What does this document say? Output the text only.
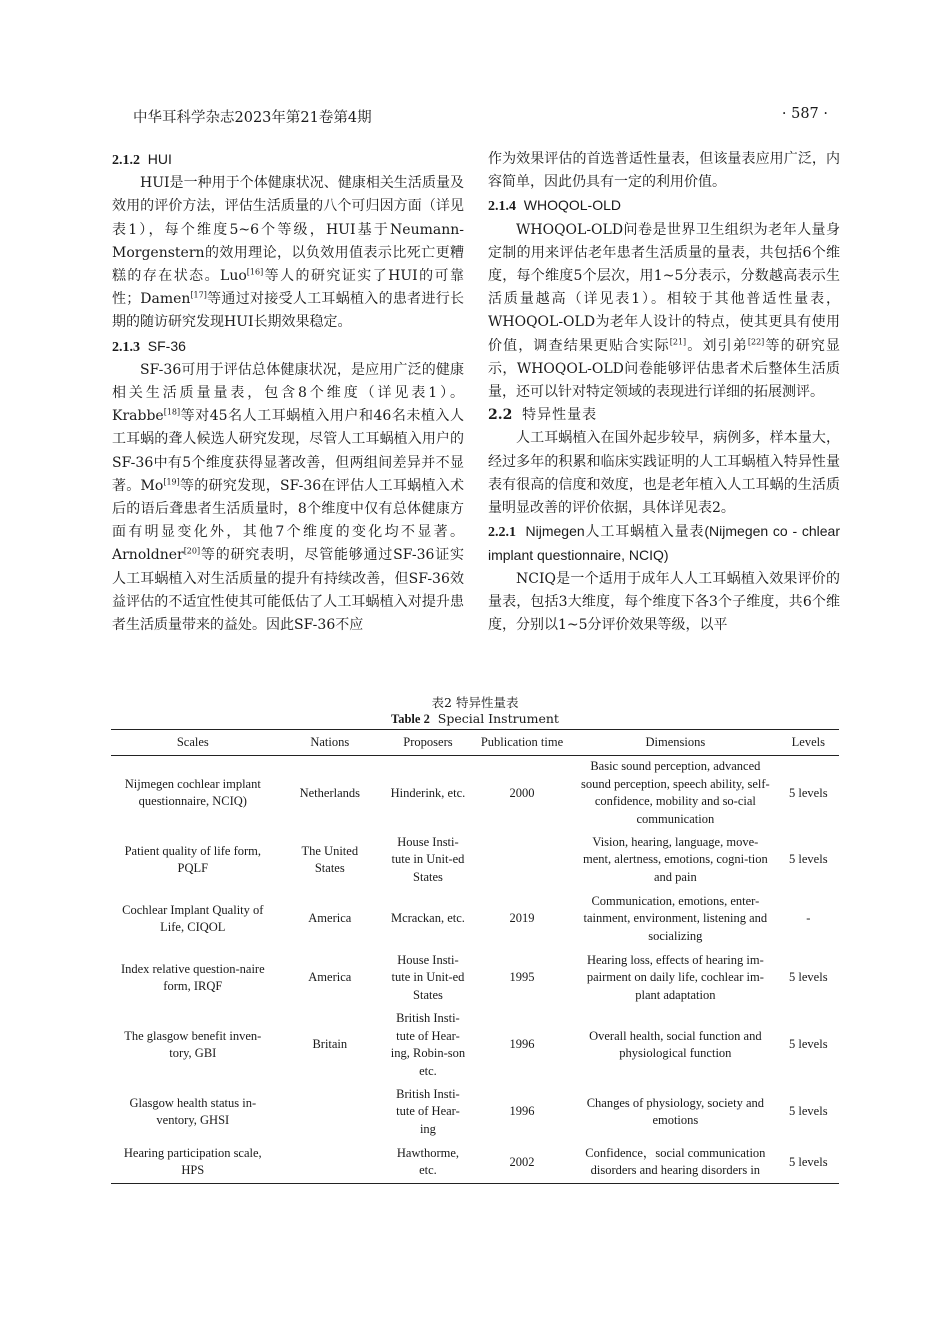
中华耳科学杂志2023年第21卷第4期	· 587 ·
2.1.2 HUI

HUI是一种用于个体健康状况、健康相关生活质量及效用的评价方法，评估生活质量的八个可归因方面（详见表1），每个维度5~6个等级，HUI基于Neumann-Morgenstern的效用理论，以负效用值表示比死亡更糟糕的存在状态。Luo[16]等人的研究证实了HUI的可靠性；Damen[17]等通过对接受人工耳蜗植入的患者进行长期的随访研究发现HUI长期效果稳定。

2.1.3 SF-36

SF-36可用于评估总体健康状况，是应用广泛的健康相关生活质量量表，包含8个维度（详见表1）。Krabbe[18]等对45名人工耳蜗植入用户和46名未植入人工耳蜗的聋人候选人研究发现，尽管人工耳蜗植入用户的SF-36中有5个维度获得显著改善，但两组间差异并不显著。Mo[19]等的研究发现，SF-36在评估人工耳蜗植入术后的语后聋患者生活质量时，8个维度中仅有总体健康方面有明显变化外，其他7个维度的变化均不显著。Arnoldner[20]等的研究表明，尽管能够通过SF-36证实人工耳蜗植入对生活质量的提升有持续改善，但SF-36效益评估的不适宜性使其可能低估了人工耳蜗植入对提升患者生活质量带来的益处。因此SF-36不应

作为效果评估的首选普适性量表，但该量表应用广泛，内容简单，因此仍具有一定的利用价值。

2.1.4 WHOQOL-OLD

WHOQOL-OLD问卷是世界卫生组织为老年人量身定制的用来评估老年患者生活质量的量表，共包括6个维度，每个维度5个层次，用1~5分表示，分数越高表示生活质量越高（详见表1）。相较于其他普适性量表，WHOQOL-OLD为老年人设计的特点，使其更具有使用价值，调查结果更贴合实际[21]。刘引弟[22]等的研究显示，WHOQOL-OLD问卷能够评估患者术后整体生活质量，还可以针对特定领域的表现进行详细的拓展测评。

2.2 特异性量表

人工耳蜗植入在国外起步较早，病例多，样本量大，经过多年的积累和临床实践证明的人工耳蜗植入特异性量表有很高的信度和效度，也是老年植入人工耳蜗的生活质量明显改善的评价依据，具体详见表2。

2.2.1 Nijmegen人工耳蜗植入量表(Nijmegen co - chlear implant questionnaire, NCIQ)

NCIQ是一个适用于成年人人工耳蜗植入效果评价的量表，包括3大维度，每个维度下各3个子维度，共6个维度，分别以1~5分评价效果等级，以平

表2 特异性量表
Table 2 Special Instrument
Scales	Nations	Proposers	Publication time	Dimensions	Levels

Nijmegen cochlear implant questionnaire, NCIQ)	Netherlands	Hinderink, etc.	2000	Basic sound perception, advanced sound perception, speech ability, self-confidence, mobility and so-cial communication	5 levels

Patient quality of life form, PQLF	The United States	House Insti-tute in Unit-ed States		Vision, hearing, language, move-ment, alertness, emotions, cogni-tion and pain	5 levels

Cochlear Implant Quality of Life, CIQOL	America	Mcrackan, etc.	2019	Communication, emotions, enter-tainment, environment, listening and socializing	-

Index relative question-naire form, IRQF	America	House Insti-tute in Unit-ed States	1995	Hearing loss, effects of hearing im-pairment on daily life, cochlear im-plant adaptation	5 levels

The glasgow benefit inven-tory, GBI	Britain	British Insti-tute of Hear-ing, Robin-son etc.	1996	Overall health, social function and physiological function	5 levels

Glasgow health status in-ventory, GHSI		British Insti-tute of Hear-ing	1996	Changes of physiology, society and emotions	5 levels

Hearing participation scale, HPS		Hawthorme, etc.	2002	Confidence，social communication disorders and hearing disorders in	5 levels
